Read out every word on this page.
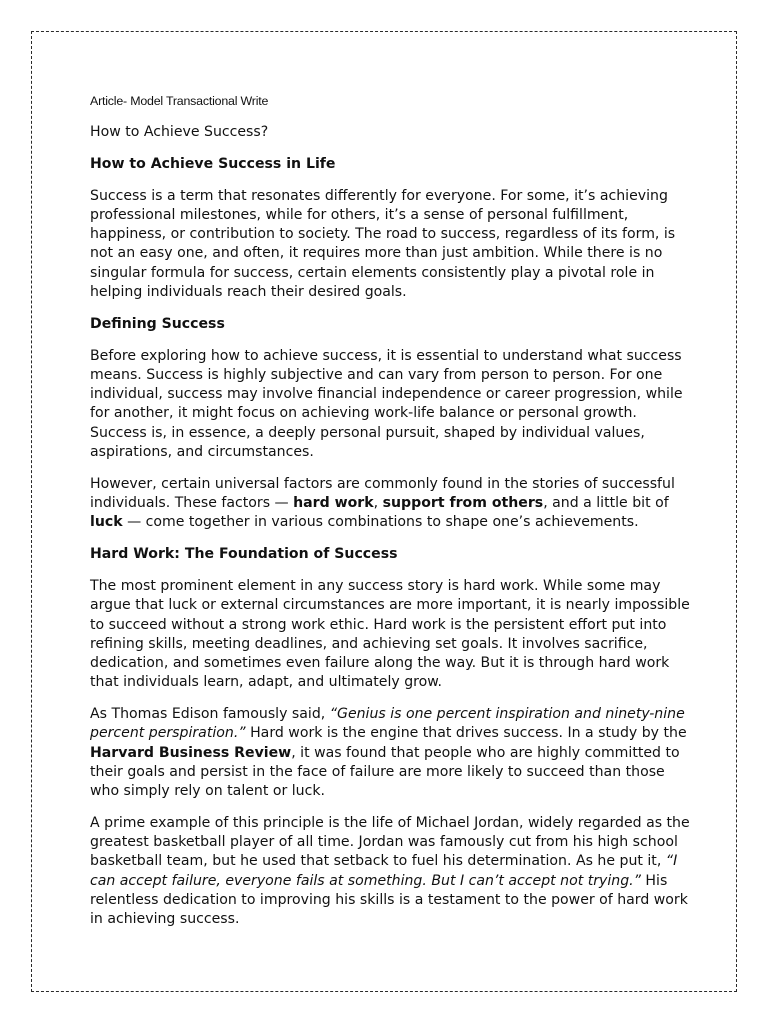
Article- Model Transactional Write

How to Achieve Success?

How to Achieve Success in Life

Success is a term that resonates differently for everyone. For some, it’s achieving professional milestones, while for others, it’s a sense of personal fulfillment, happiness, or contribution to society. The road to success, regardless of its form, is not an easy one, and often, it requires more than just ambition. While there is no singular formula for success, certain elements consistently play a pivotal role in helping individuals reach their desired goals.

Defining Success

Before exploring how to achieve success, it is essential to understand what success means. Success is highly subjective and can vary from person to person. For one individual, success may involve financial independence or career progression, while for another, it might focus on achieving work-life balance or personal growth. Success is, in essence, a deeply personal pursuit, shaped by individual values, aspirations, and circumstances.

However, certain universal factors are commonly found in the stories of successful individuals. These factors — hard work, support from others, and a little bit of luck — come together in various combinations to shape one’s achievements.

Hard Work: The Foundation of Success

The most prominent element in any success story is hard work. While some may argue that luck or external circumstances are more important, it is nearly impossible to succeed without a strong work ethic. Hard work is the persistent effort put into refining skills, meeting deadlines, and achieving set goals. It involves sacrifice, dedication, and sometimes even failure along the way. But it is through hard work that individuals learn, adapt, and ultimately grow.

As Thomas Edison famously said, “Genius is one percent inspiration and ninety-nine percent perspiration.” Hard work is the engine that drives success. In a study by the Harvard Business Review, it was found that people who are highly committed to their goals and persist in the face of failure are more likely to succeed than those who simply rely on talent or luck.

A prime example of this principle is the life of Michael Jordan, widely regarded as the greatest basketball player of all time. Jordan was famously cut from his high school basketball team, but he used that setback to fuel his determination. As he put it, “I can accept failure, everyone fails at something. But I can’t accept not trying.” His relentless dedication to improving his skills is a testament to the power of hard work in achieving success.
